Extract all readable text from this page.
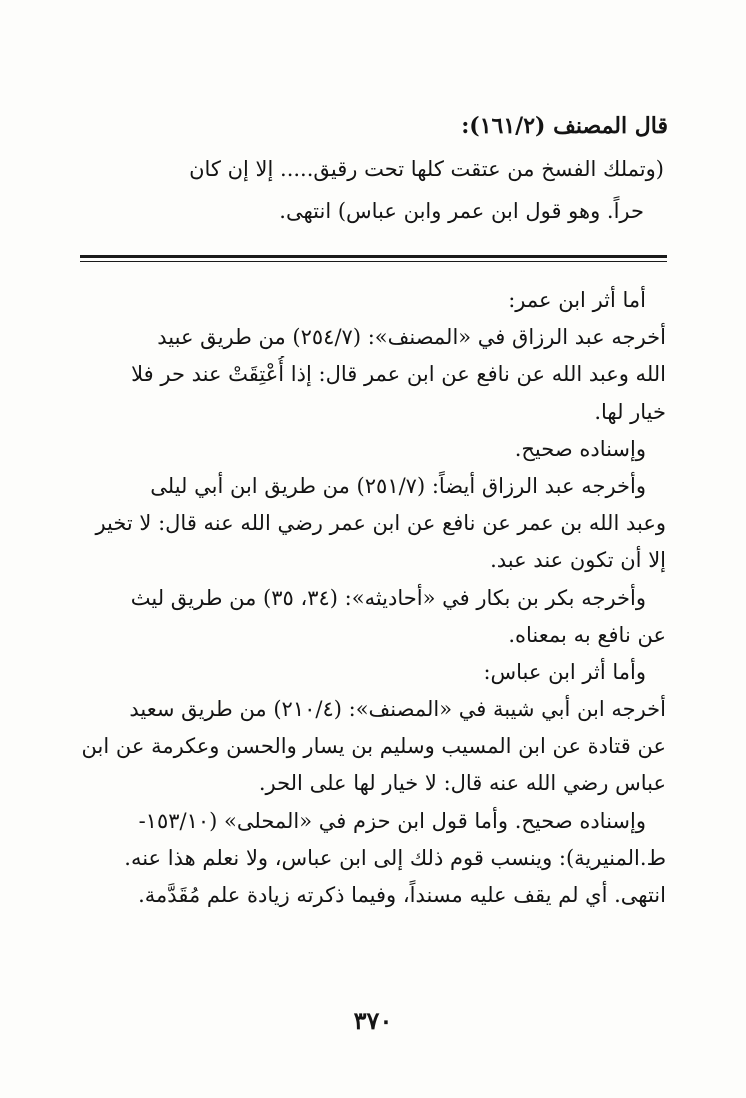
قال المصنف (١٦١/٢):
(وتملك الفسخ من عتقت كلها تحت رقيق..... إلا إن كان
حراً. وهو قول ابن عمر وابن عباس) انتهى.
أما أثر ابن عمر:
أخرجه عبد الرزاق في «المصنف»: (٢٥٤/٧) من طريق عبيد
الله وعبد الله عن نافع عن ابن عمر قال: إذا أُعْتِقَتْ عند حر فلا
خيار لها.
وإسناده صحيح.
وأخرجه عبد الرزاق أيضاً: (٢٥١/٧) من طريق ابن أبي ليلى
وعبد الله بن عمر عن نافع عن ابن عمر رضي الله عنه قال: لا تخير
إلا أن تكون عند عبد.
وأخرجه بكر بن بكار في «أحاديثه»: (٣٤، ٣٥) من طريق ليث
عن نافع به بمعناه.
وأما أثر ابن عباس:
أخرجه ابن أبي شيبة في «المصنف»: (٢١٠/٤) من طريق سعيد
عن قتادة عن ابن المسيب وسليم بن يسار والحسن وعكرمة عن ابن
عباس رضي الله عنه قال: لا خيار لها على الحر.
وإسناده صحيح. وأما قول ابن حزم في «المحلى» (١٥٣/١٠-
ط.المنيرية): وينسب قوم ذلك إلى ابن عباس، ولا نعلم هذا عنه.
انتهى. أي لم يقف عليه مسنداً، وفيما ذكرته زيادة علم مُقَدَّمة.
٣٧٠
